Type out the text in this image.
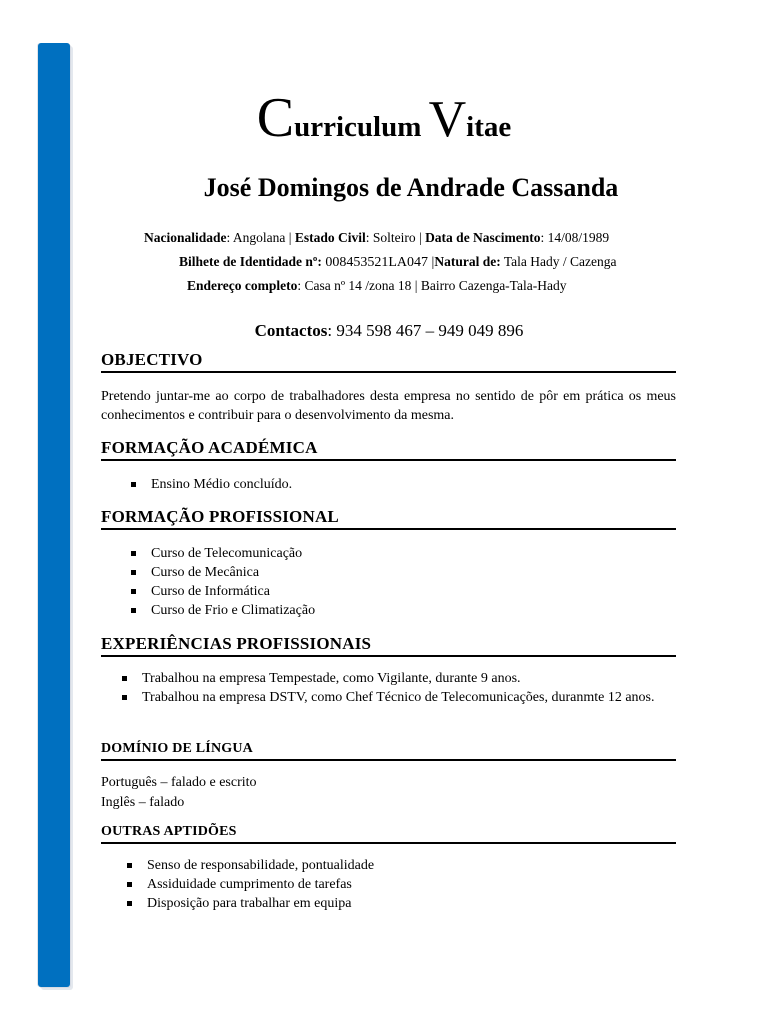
Curriculum Vitae
José Domingos de Andrade Cassanda
Nacionalidade: Angolana | Estado Civil: Solteiro | Data de Nascimento: 14/08/1989
Bilhete de Identidade nº: 008453521LA047 |Natural de: Tala Hady / Cazenga
Endereço completo: Casa nº 14 /zona 18 | Bairro Cazenga-Tala-Hady
Contactos: 934 598 467 – 949 049 896
OBJECTIVO
Pretendo juntar-me ao corpo de trabalhadores desta empresa no sentido de pôr em prática os meus conhecimentos e contribuir para o desenvolvimento da mesma.
FORMAÇÃO ACADÉMICA
Ensino Médio concluído.
FORMAÇÃO PROFISSIONAL
Curso de Telecomunicação
Curso de Mecânica
Curso de Informática
Curso de Frio e Climatização
EXPERIÊNCIAS PROFISSIONAIS
Trabalhou na empresa Tempestade, como Vigilante, durante 9 anos.
Trabalhou na empresa DSTV, como Chef Técnico de Telecomunicações, duranmte 12 anos.
DOMÍNIO DE LÍNGUA
Português – falado e escrito
Inglês – falado
OUTRAS APTIDÕES
Senso de responsabilidade, pontualidade
Assiduidade cumprimento de tarefas
Disposição para trabalhar em equipa
